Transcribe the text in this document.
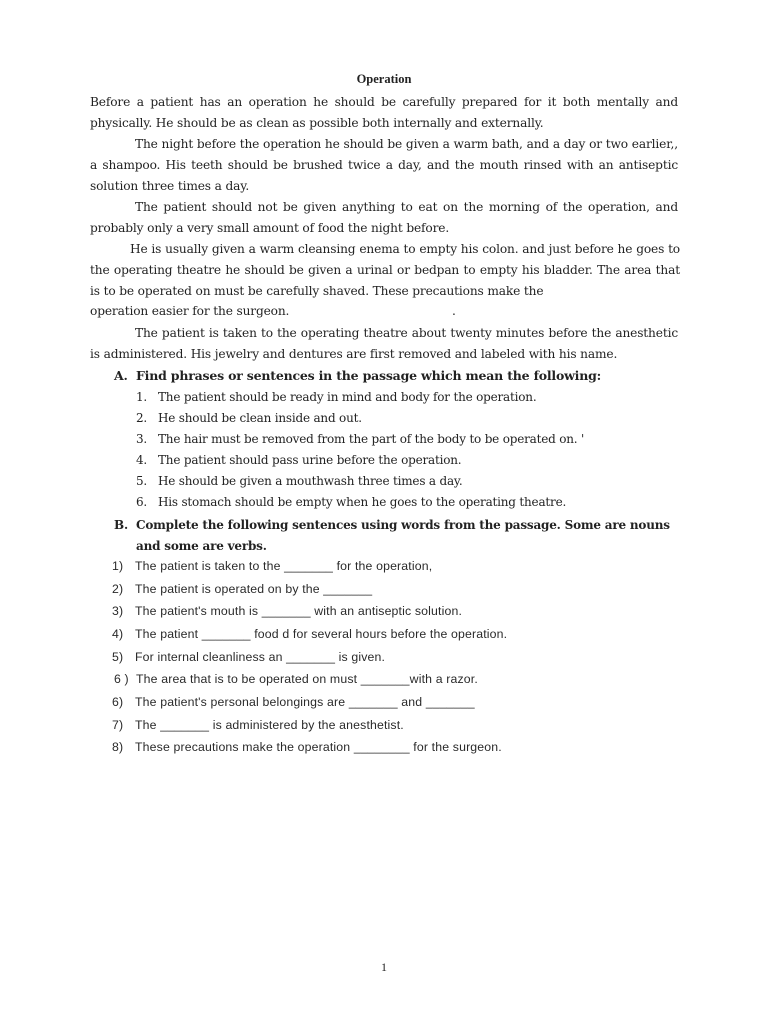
Operation
Before a patient has an operation he should be carefully prepared for it both mentally and physically. He should be as clean as possible both internally and externally.
The night before the operation he should be given a warm bath, and a day or two earlier,, a shampoo. His teeth should be brushed twice a day, and the mouth rinsed with an antiseptic solution three times a day.
The patient should not be given anything to eat on the morning of the operation, and probably only a very small amount of food the night before.
He is usually given a warm cleansing enema to empty his colon. and just before he goes to the operating theatre he should be given a urinal or bedpan to empty his bladder. The area that is to be operated on must be carefully shaved. These precautions make the
operation easier for the surgeon.	.
The patient is taken to the operating theatre about twenty minutes before the anesthetic is administered. His jewelry and dentures are first removed and labeled with his name.
A. Find phrases or sentences in the passage which mean the following:
1. The patient should be ready in mind and body for the operation.
2. He should be clean inside and out.
3. The hair must be removed from the part of the body to be operated on. '
4. The patient should pass urine before the operation.
5. He should be given a mouthwash three times a day.
6. His stomach should be empty when he goes to the operating theatre.
B. Complete the following sentences using words from the passage. Some are nouns
and some are verbs.
1) The patient is taken to the _______ for the operation,
2) The patient is operated on by the _______
3) The patient's mouth is _______ with an antiseptic solution.
4) The patient _______ food d for several hours before the operation.
5) For internal cleanliness an _______ is given.
6 ) The area that is to be operated on must _______with a razor.
6) The patient's personal belongings are _______ and _______
7) The _______ is administered by the anesthetist.
8) These precautions make the operation ________ for the surgeon.
1
